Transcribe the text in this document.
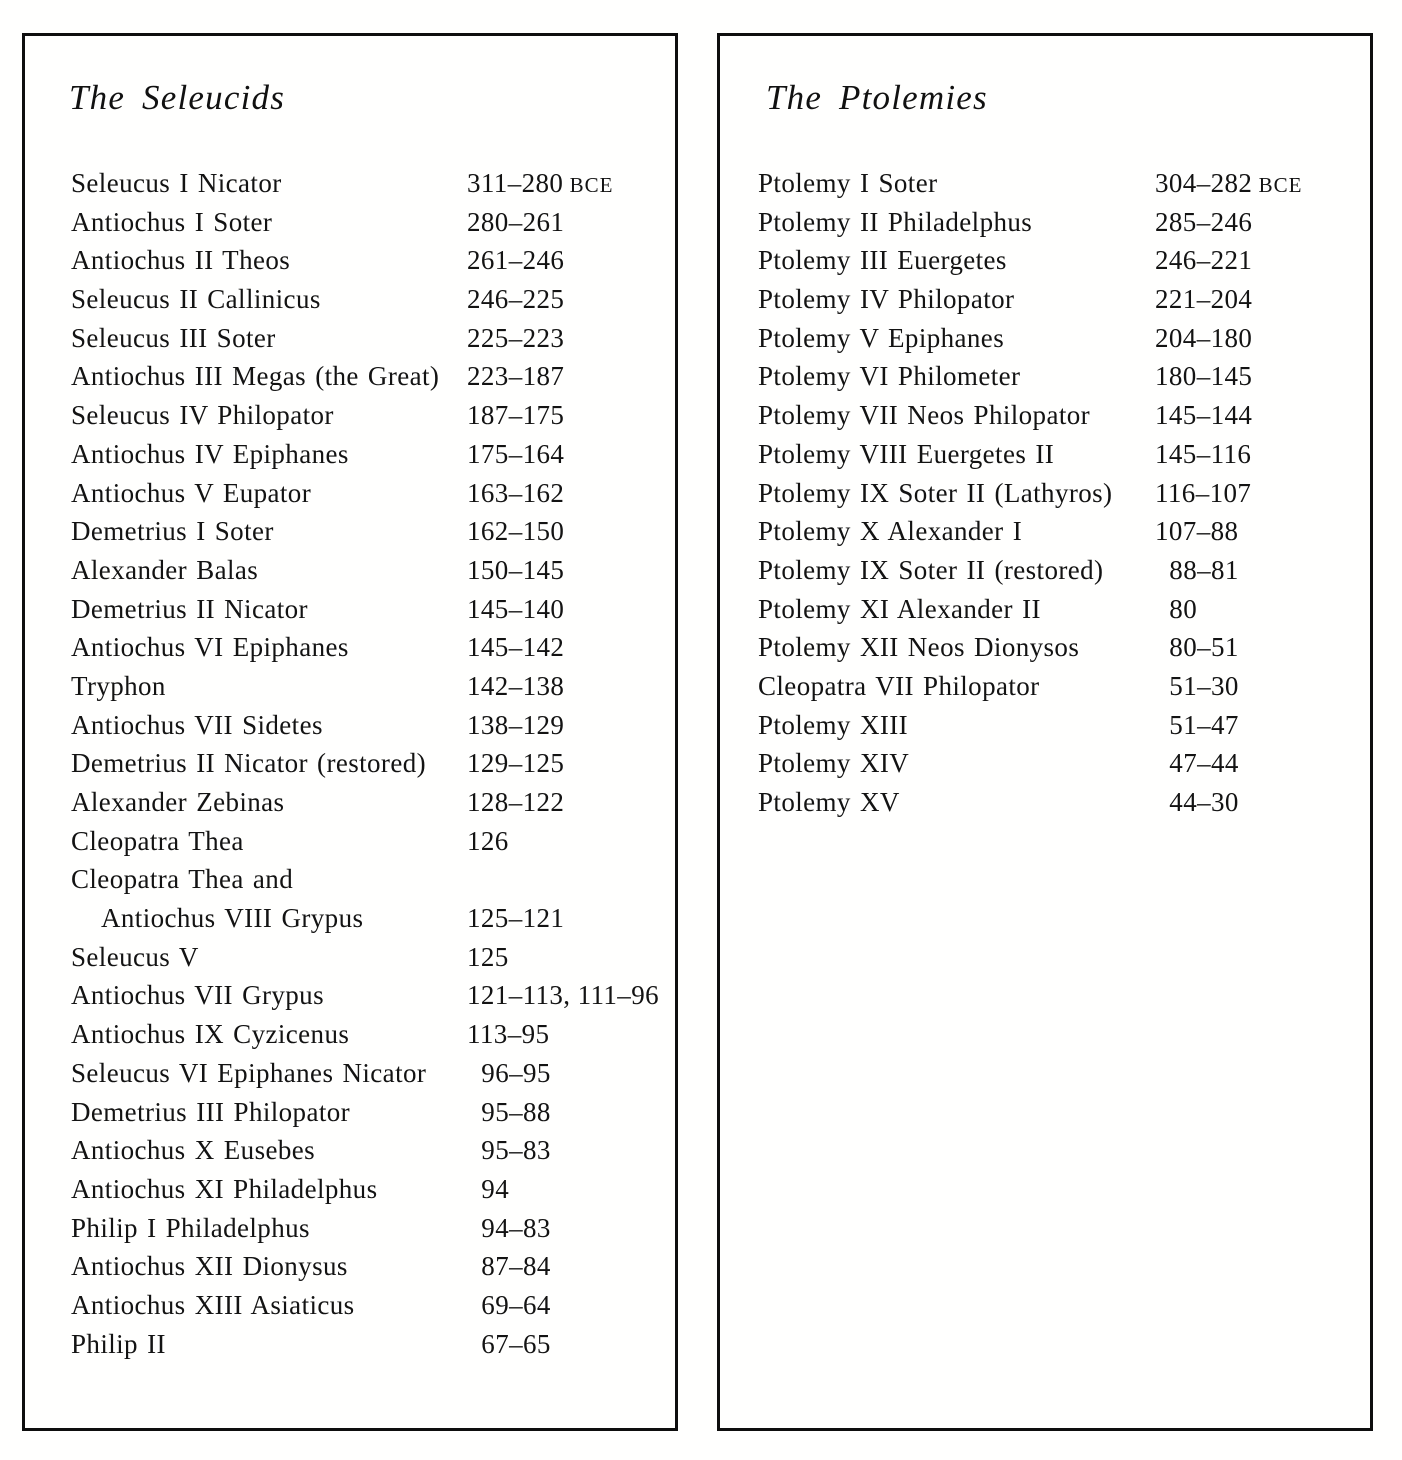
The Seleucids
Seleucus I Nicator	311–280 BCE
Antiochus I Soter	280–261
Antiochus II Theos	261–246
Seleucus II Callinicus	246–225
Seleucus III Soter	225–223
Antiochus III Megas (the Great) 223–187
Seleucus IV Philopator	187–175
Antiochus IV Epiphanes	175–164
Antiochus V Eupator	163–162
Demetrius I Soter	162–150
Alexander Balas	150–145
Demetrius II Nicator	145–140
Antiochus VI Epiphanes	145–142
Tryphon	142–138
Antiochus VII Sidetes	138–129
Demetrius II Nicator (restored) 129–125
Alexander Zebinas	128–122
Cleopatra Thea	126
Cleopatra Thea and
Antiochus VIII Grypus	125–121
Seleucus V	125
Antiochus VII Grypus	121–113, 111–96
Antiochus IX Cyzicenus	113–95
Seleucus VI Epiphanes Nicator 96–95
Demetrius III Philopator	95–88
Antiochus X Eusebes	95–83
Antiochus XI Philadelphus	94
Philip I Philadelphus	94–83
Antiochus XII Dionysus	87–84
Antiochus XIII Asiaticus	69–64
Philip II	67–65
The Ptolemies
Ptolemy I Soter	304–282 BCE
Ptolemy II Philadelphus	285–246
Ptolemy III Euergetes	246–221
Ptolemy IV Philopator	221–204
Ptolemy V Epiphanes	204–180
Ptolemy VI Philometer	180–145
Ptolemy VII Neos Philopator 145–144
Ptolemy VIII Euergetes II	145–116
Ptolemy IX Soter II (Lathyros) 116–107
Ptolemy X Alexander I	107–88
Ptolemy IX Soter II (restored) 88–81
Ptolemy XI Alexander II	80
Ptolemy XII Neos Dionysos	80–51
Cleopatra VII Philopator	51–30
Ptolemy XIII	51–47
Ptolemy XIV	47–44
Ptolemy XV	44–30
